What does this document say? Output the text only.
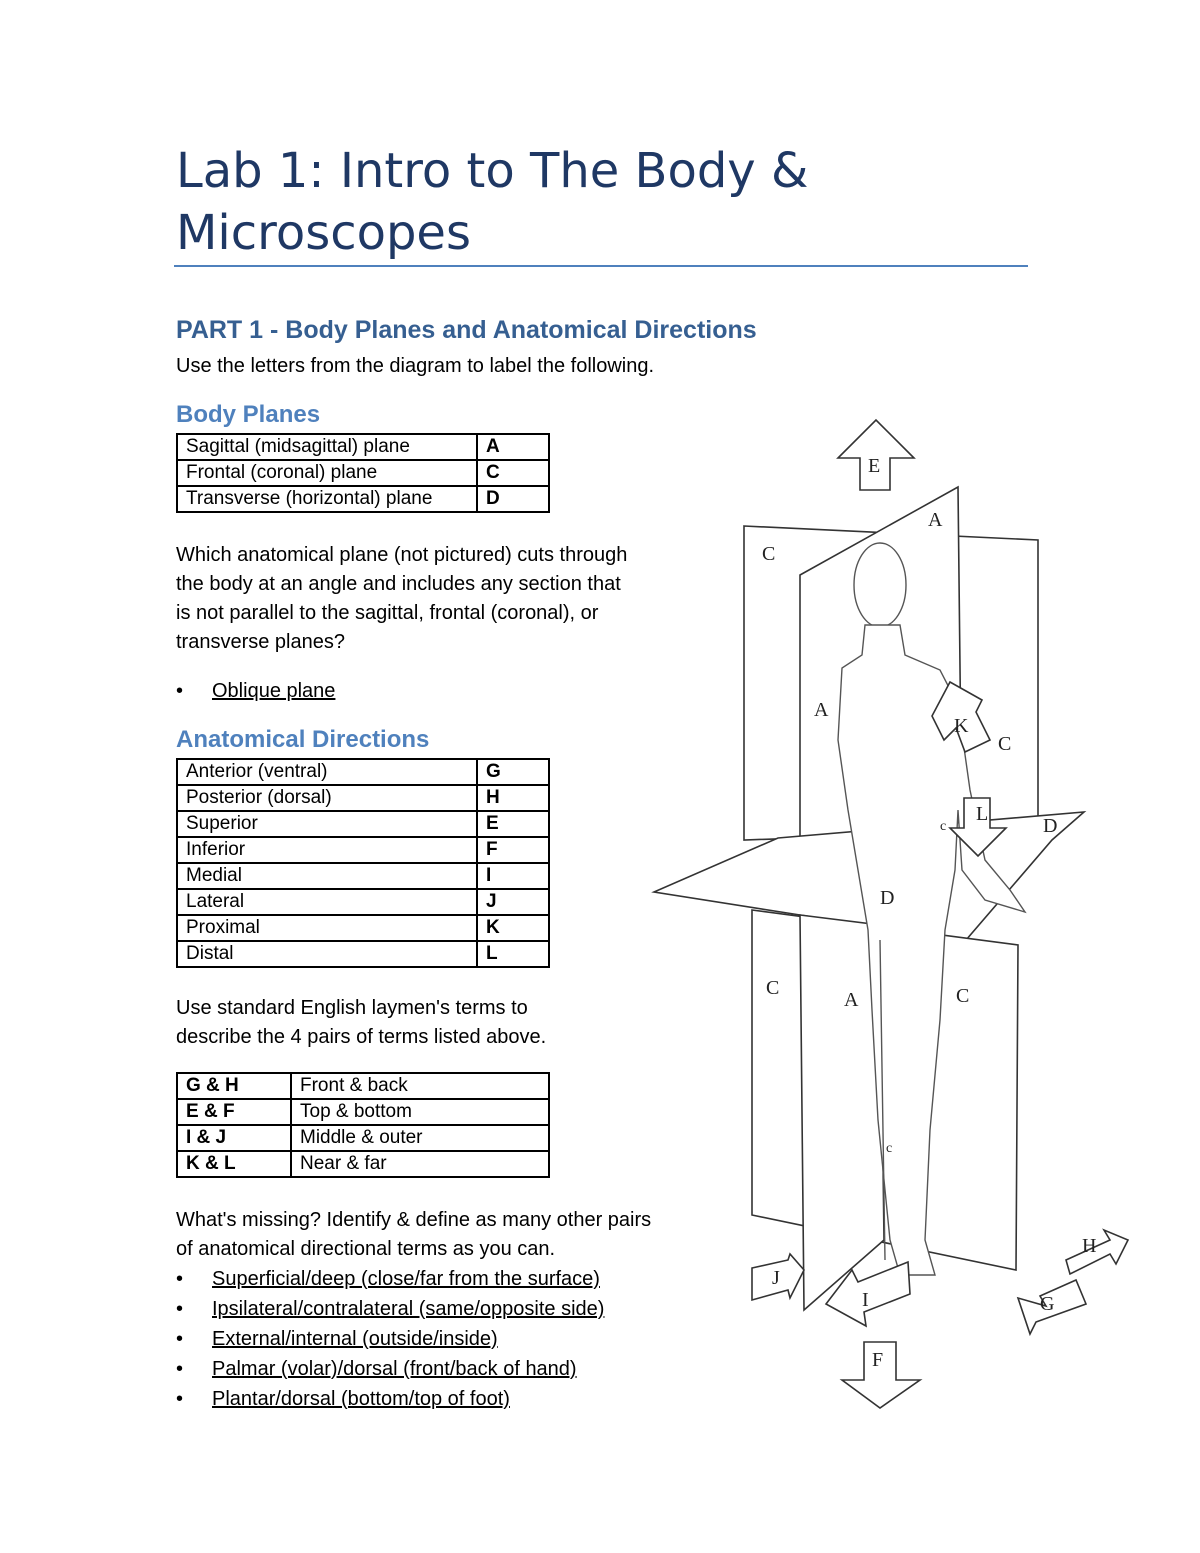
Lab 1: Intro to The Body & Microscopes
PART 1 - Body Planes and Anatomical Directions
Use the letters from the diagram to label the following.
Body Planes
Sagittal (midsagittal) plane	A
Frontal (coronal) plane	C
Transverse (horizontal) plane	D
Which anatomical plane (not pictured) cuts through the body at an angle and includes any section that is not parallel to the sagittal, frontal (coronal), or transverse planes?
• Oblique plane
Anatomical Directions
Anterior (ventral)	G
Posterior (dorsal)	H
Superior	E
Inferior	F
Medial	I
Lateral	J
Proximal	K
Distal	L
Use standard English laymen's terms to describe the 4 pairs of terms listed above.
G & H	Front & back
E & F	Top & bottom
I & J	Middle & outer
K & L	Near & far
What's missing? Identify & define as many other pairs of anatomical directional terms as you can.
• Superficial/deep (close/far from the surface)
• Ipsilateral/contralateral (same/opposite side)
• External/internal (outside/inside)
• Palmar (volar)/dorsal (front/back of hand)
• Plantar/dorsal (bottom/top of foot)
E
A
C
A
K
C
L
c	D
D
C
A	C
c
H
G
J
I
F
